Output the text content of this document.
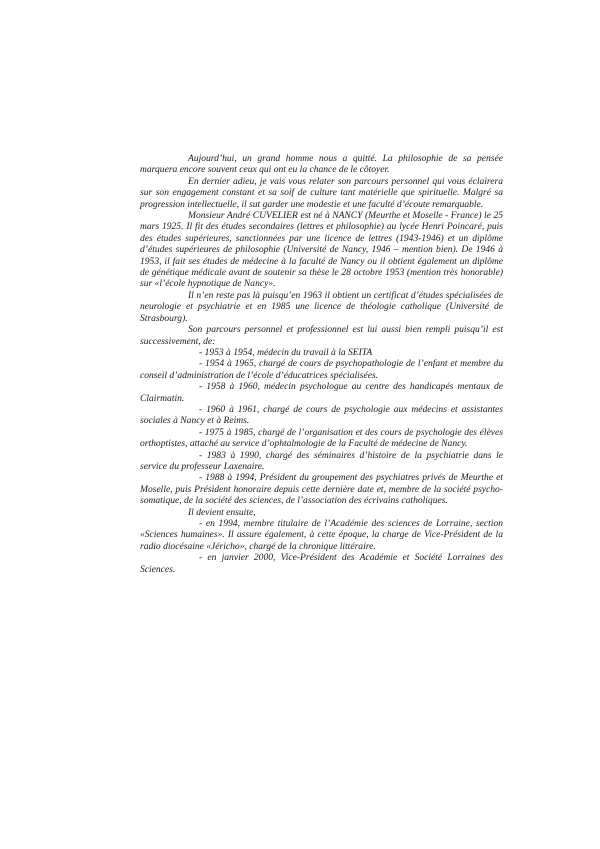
Aujourd’hui, un grand homme nous a quitté. La philosophie de sa pensée marquera encore souvent ceux qui ont eu la chance de le côtoyer.

En dernier adieu, je vais vous relater son parcours personnel qui vous éclairera sur son engagement constant et sa soif de culture tant matérielle que spirituelle. Malgré sa progression intellectuelle, il sut garder une modestie et une faculté d’écoute remarquable.

Monsieur André CUVELIER est né à NANCY (Meurthe et Moselle - France) le 25 mars 1925. Il fit des études secondaires (lettres et philosophie) au lycée Henri Poincaré, puis des études supérieures, sanctionnées par une licence de lettres (1943-1946) et un diplôme d’études supérieures de philosophie (Université de Nancy, 1946 – mention bien). De 1946 à 1953, il fait ses études de médecine à la faculté de Nancy ou il obtient également un diplôme de génétique médicale avant de soutenir sa thèse le 28 octobre 1953 (mention très honorable) sur «l’école hypnotique de Nancy».

Il n’en reste pas là puisqu’en 1963 il obtient un certificat d’études spécialisées de neurologie et psychiatrie et en 1985 une licence de théologie catholique (Université de Strasbourg).

Son parcours personnel et professionnel est lui aussi bien rempli puisqu’il est successivement, de:

- 1953 à 1954, médecin du travail à la SEITA

- 1954 à 1965, chargé de cours de psychopathologie de l’enfant et membre du conseil d’administration de l’école d’éducatrices spécialisées.

- 1958 à 1960, médecin psychologue au centre des handicapés mentaux de Clairmatin.

- 1960 à 1961, chargé de cours de psychologie aux médecins et assistantes sociales à Nancy et à Reims.

- 1975 à 1985, chargé de l’organisation et des cours de psychologie des élèves orthoptistes, attaché au service d’ophtalmologie de la Faculté de médecine de Nancy.

- 1983 à 1990, chargé des séminaires d’histoire de la psychiatrie dans le service du professeur Laxenaire.

- 1988 à 1994, Président du groupement des psychiatres privés de Meurthe et Moselle, puis Président honoraire depuis cette dernière date et, membre de la société psycho-somatique, de la société des sciences, de l’association des écrivains catholiques.

Il devient ensuite,

- en 1994, membre titulaire de l’Académie des sciences de Lorraine, section «Sciences humaines». Il assure également, à cette époque, la charge de Vice-Président de la radio diocésaine «Jéricho», chargé de la chronique littéraire.

- en janvier 2000, Vice-Président des Académie et Société Lorraines des Sciences.
